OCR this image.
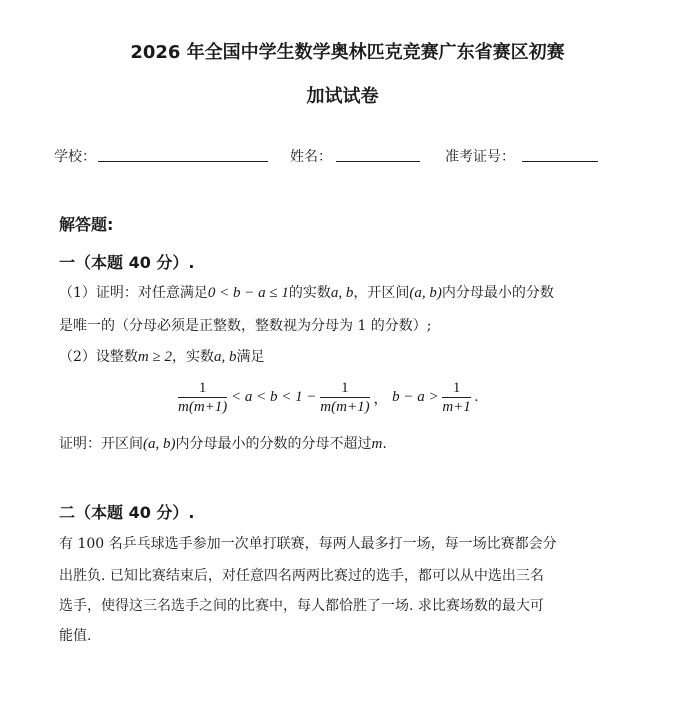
2026 年全国中学生数学奥林匹克竞赛广东省赛区初赛
加试试卷
学校：	姓名：	准考证号：
解答题:
一（本题 40 分）.
（1）证明：对任意满足0 < b − a ≤ 1的实数a, b，开区间(a, b)内分母最小的分数
是唯一的（分母必须是正整数，整数视为分母为 1 的分数）;
（2）设整数m ≥ 2，实数a, b满足
$\frac{1}{m(m+1)} < a < b < 1 - \frac{1}{m(m+1)}$ ， $b - a > \frac{1}{m+1}$ .
证明：开区间(a, b)内分母最小的分数的分母不超过m.
二（本题 40 分）.
有 100 名乒乓球选手参加一次单打联赛，每两人最多打一场，每一场比赛都会分
出胜负. 已知比赛结束后，对任意四名两两比赛过的选手，都可以从中选出三名
选手，使得这三名选手之间的比赛中，每人都恰胜了一场. 求比赛场数的最大可
能值.
